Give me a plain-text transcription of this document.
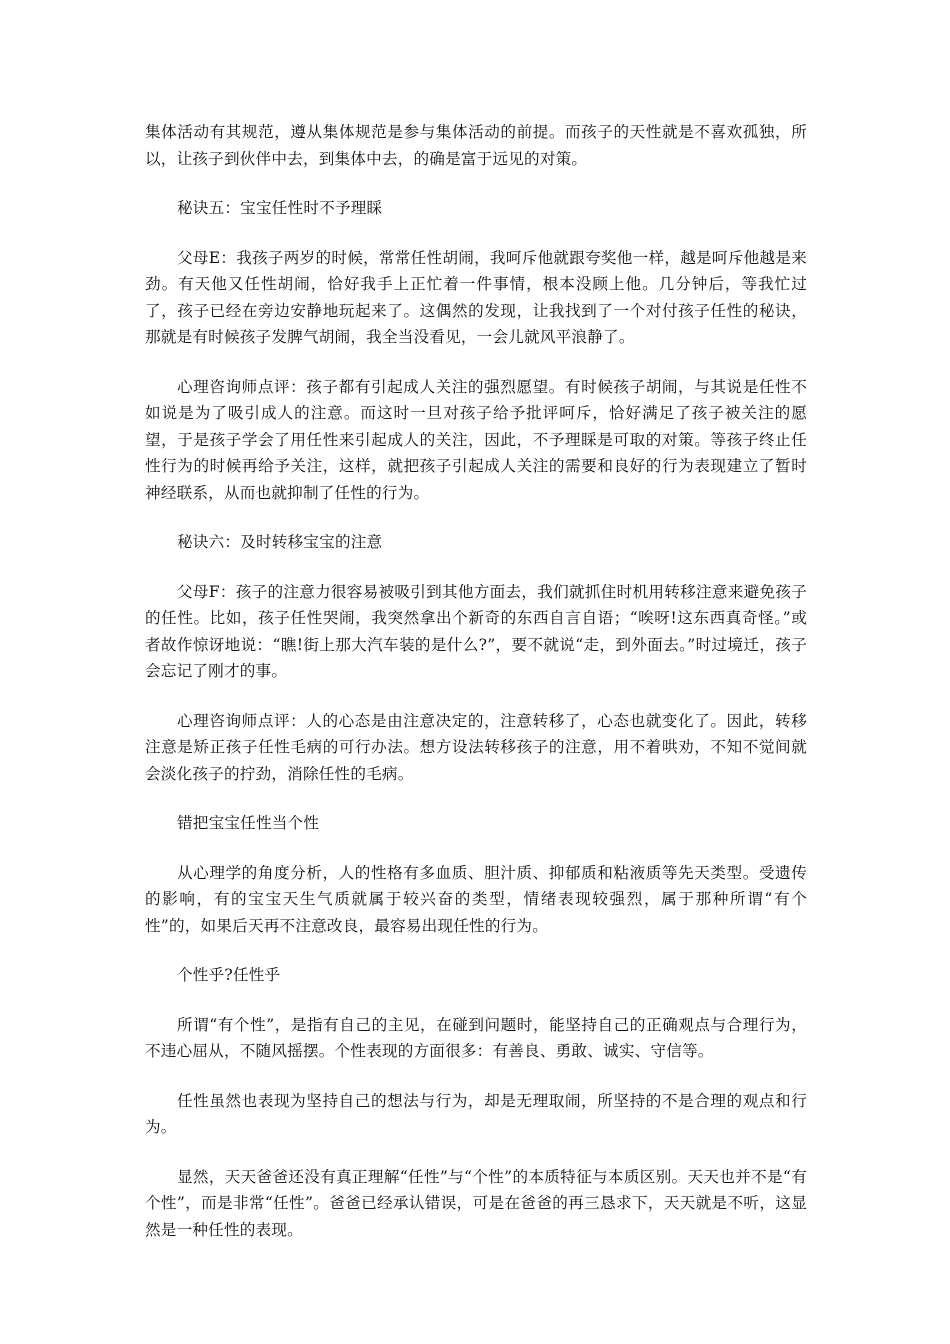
集体活动有其规范，遵从集体规范是参与集体活动的前提。而孩子的天性就是不喜欢孤独，所以，让孩子到伙伴中去，到集体中去，的确是富于远见的对策。

秘诀五：宝宝任性时不予理睬

父母E：我孩子两岁的时候，常常任性胡闹，我呵斥他就跟夸奖他一样，越是呵斥他越是来劲。有天他又任性胡闹，恰好我手上正忙着一件事情，根本没顾上他。几分钟后，等我忙过了，孩子已经在旁边安静地玩起来了。这偶然的发现，让我找到了一个对付孩子任性的秘诀，那就是有时候孩子发脾气胡闹，我全当没看见，一会儿就风平浪静了。

心理咨询师点评：孩子都有引起成人关注的强烈愿望。有时候孩子胡闹，与其说是任性不如说是为了吸引成人的注意。而这时一旦对孩子给予批评呵斥，恰好满足了孩子被关注的愿望，于是孩子学会了用任性来引起成人的关注，因此，不予理睬是可取的对策。等孩子终止任性行为的时候再给予关注，这样，就把孩子引起成人关注的需要和良好的行为表现建立了暂时神经联系，从而也就抑制了任性的行为。

秘诀六：及时转移宝宝的注意

父母F：孩子的注意力很容易被吸引到其他方面去，我们就抓住时机用转移注意来避免孩子的任性。比如，孩子任性哭闹，我突然拿出个新奇的东西自言自语；“唉呀!这东西真奇怪。”或者故作惊讶地说：“瞧!街上那大汽车装的是什么?”，要不就说“走，到外面去。”时过境迁，孩子会忘记了刚才的事。

心理咨询师点评：人的心态是由注意决定的，注意转移了，心态也就变化了。因此，转移注意是矫正孩子任性毛病的可行办法。想方设法转移孩子的注意，用不着哄劝，不知不觉间就会淡化孩子的拧劲，消除任性的毛病。

错把宝宝任性当个性

从心理学的角度分析，人的性格有多血质、胆汁质、抑郁质和粘液质等先天类型。受遗传的影响，有的宝宝天生气质就属于较兴奋的类型，情绪表现较强烈，属于那种所谓“有个性”的，如果后天再不注意改良，最容易出现任性的行为。

个性乎?任性乎

所谓“有个性”，是指有自己的主见，在碰到问题时，能坚持自己的正确观点与合理行为，不违心屈从，不随风摇摆。个性表现的方面很多：有善良、勇敢、诚实、守信等。

任性虽然也表现为坚持自己的想法与行为，却是无理取闹，所坚持的不是合理的观点和行为。

显然，天天爸爸还没有真正理解“任性”与“个性”的本质特征与本质区别。天天也并不是“有个性”，而是非常“任性”。爸爸已经承认错误，可是在爸爸的再三恳求下，天天就是不听，这显然是一种任性的表现。
